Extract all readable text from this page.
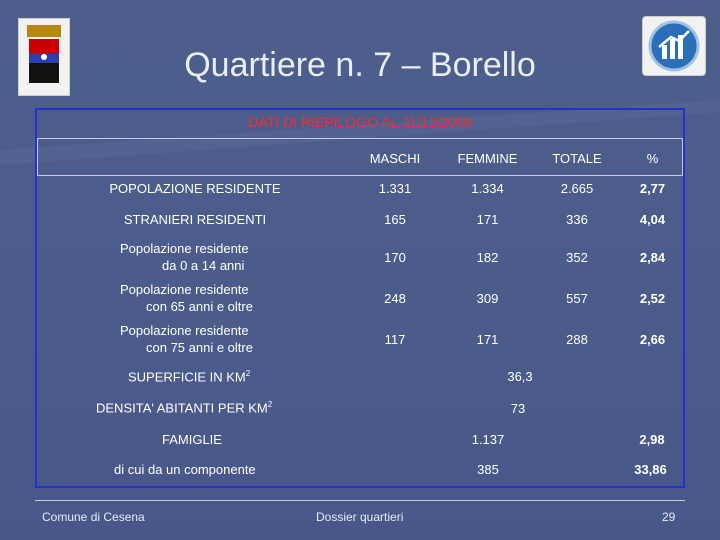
Quartiere n. 7 – Borello
DATI DI RIEPILOGO AL 31/12/2009
MASCHI	FEMMINE	TOTALE	%
POPOLAZIONE RESIDENTE	1.331	1.334	2.665	2,77
STRANIERI RESIDENTI	165	171	336	4,04
Popolazione residente
da 0 a 14 anni
170	182	352	2,84
Popolazione residente
con 65 anni e oltre
248	309	557	2,52
Popolazione residente
con 75 anni e oltre
117	171	288	2,66
SUPERFICIE IN $KM^2$	36,3
DENSITA' ABITANTI PER $KM^2$	73
FAMIGLIE	1.137	2,98
di cui da un componente	385	33,86
Comune di Cesena	Dossier quartieri	29
